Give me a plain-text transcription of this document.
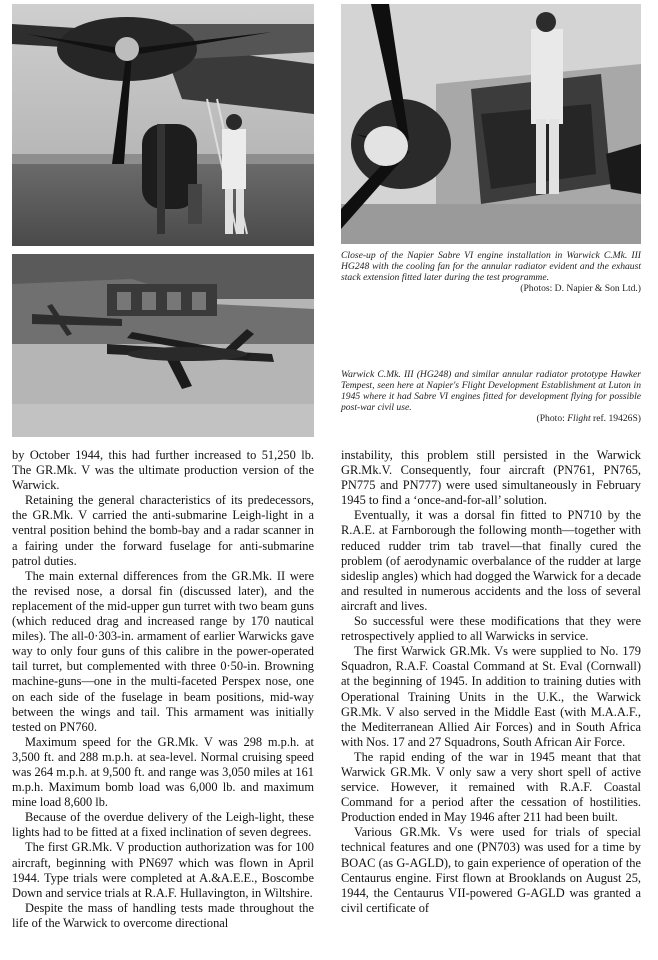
Close-up of the Napier Sabre VI engine installation in Warwick C.Mk. III HG248 with the cooling fan for the annular radiator evident and the exhaust stack extension fitted later during the test programme.
(Photos: D. Napier & Son Ltd.)
Warwick C.Mk. III (HG248) and similar annular radiator prototype Hawker Tempest, seen here at Napier's Flight Development Establishment at Luton in 1945 where it had Sabre VI engines fitted for development flying for possible post-war civil use.
(Photo: Flight ref. 19426S)

by October 1944, this had further increased to 51,250 lb. The GR.Mk. V was the ultimate production version of the Warwick.

Retaining the general characteristics of its predecessors, the GR.Mk. V carried the anti-submarine Leigh-light in a ventral position behind the bomb-bay and a radar scanner in a fairing under the forward fuselage for anti-submarine patrol duties.

The main external differences from the GR.Mk. II were the revised nose, a dorsal fin (discussed later), and the replacement of the mid-upper gun turret with two beam guns (which reduced drag and increased range by 170 nautical miles). The all-0·303-in. armament of earlier Warwicks gave way to only four guns of this calibre in the power-operated tail turret, but complemented with three 0·50-in. Browning machine-guns—one in the multi-faceted Perspex nose, one on each side of the fuselage in beam positions, mid-way between the wings and tail. This armament was initially tested on PN760.

Maximum speed for the GR.Mk. V was 298 m.p.h. at 3,500 ft. and 288 m.p.h. at sea-level. Normal cruising speed was 264 m.p.h. at 9,500 ft. and range was 3,050 miles at 161 m.p.h. Maximum bomb load was 6,000 lb. and maximum mine load 8,600 lb.

Because of the overdue delivery of the Leigh-light, these lights had to be fitted at a fixed inclination of seven degrees.

The first GR.Mk. V production authorization was for 100 aircraft, beginning with PN697 which was flown in April 1944. Type trials were completed at A.&A.E.E., Boscombe Down and service trials at R.A.F. Hullavington, in Wiltshire.

Despite the mass of handling tests made throughout the life of the Warwick to overcome directional

instability, this problem still persisted in the Warwick GR.Mk.V. Consequently, four aircraft (PN761, PN765, PN775 and PN777) were used simultaneously in February 1945 to find a ‘once-and-for-all’ solution.

Eventually, it was a dorsal fin fitted to PN710 by the R.A.E. at Farnborough the following month—together with reduced rudder trim tab travel—that finally cured the problem (of aerodynamic overbalance of the rudder at large sideslip angles) which had dogged the Warwick for a decade and resulted in numerous accidents and the loss of several aircraft and lives.

So successful were these modifications that they were retrospectively applied to all Warwicks in service.

The first Warwick GR.Mk. Vs were supplied to No. 179 Squadron, R.A.F. Coastal Command at St. Eval (Cornwall) at the beginning of 1945. In addition to training duties with Operational Training Units in the U.K., the Warwick GR.Mk. V also served in the Middle East (with M.A.A.F., the Mediterranean Allied Air Forces) and in South Africa with Nos. 17 and 27 Squadrons, South African Air Force.

The rapid ending of the war in 1945 meant that that Warwick GR.Mk. V only saw a very short spell of active service. However, it remained with R.A.F. Coastal Command for a period after the cessation of hostilities. Production ended in May 1946 after 211 had been built.

Various GR.Mk. Vs were used for trials of special technical features and one (PN703) was used for a time by BOAC (as G-AGLD), to gain experience of operation of the Centaurus engine. First flown at Brooklands on August 25, 1944, the Centaurus VII-powered G-AGLD was granted a civil certificate of
